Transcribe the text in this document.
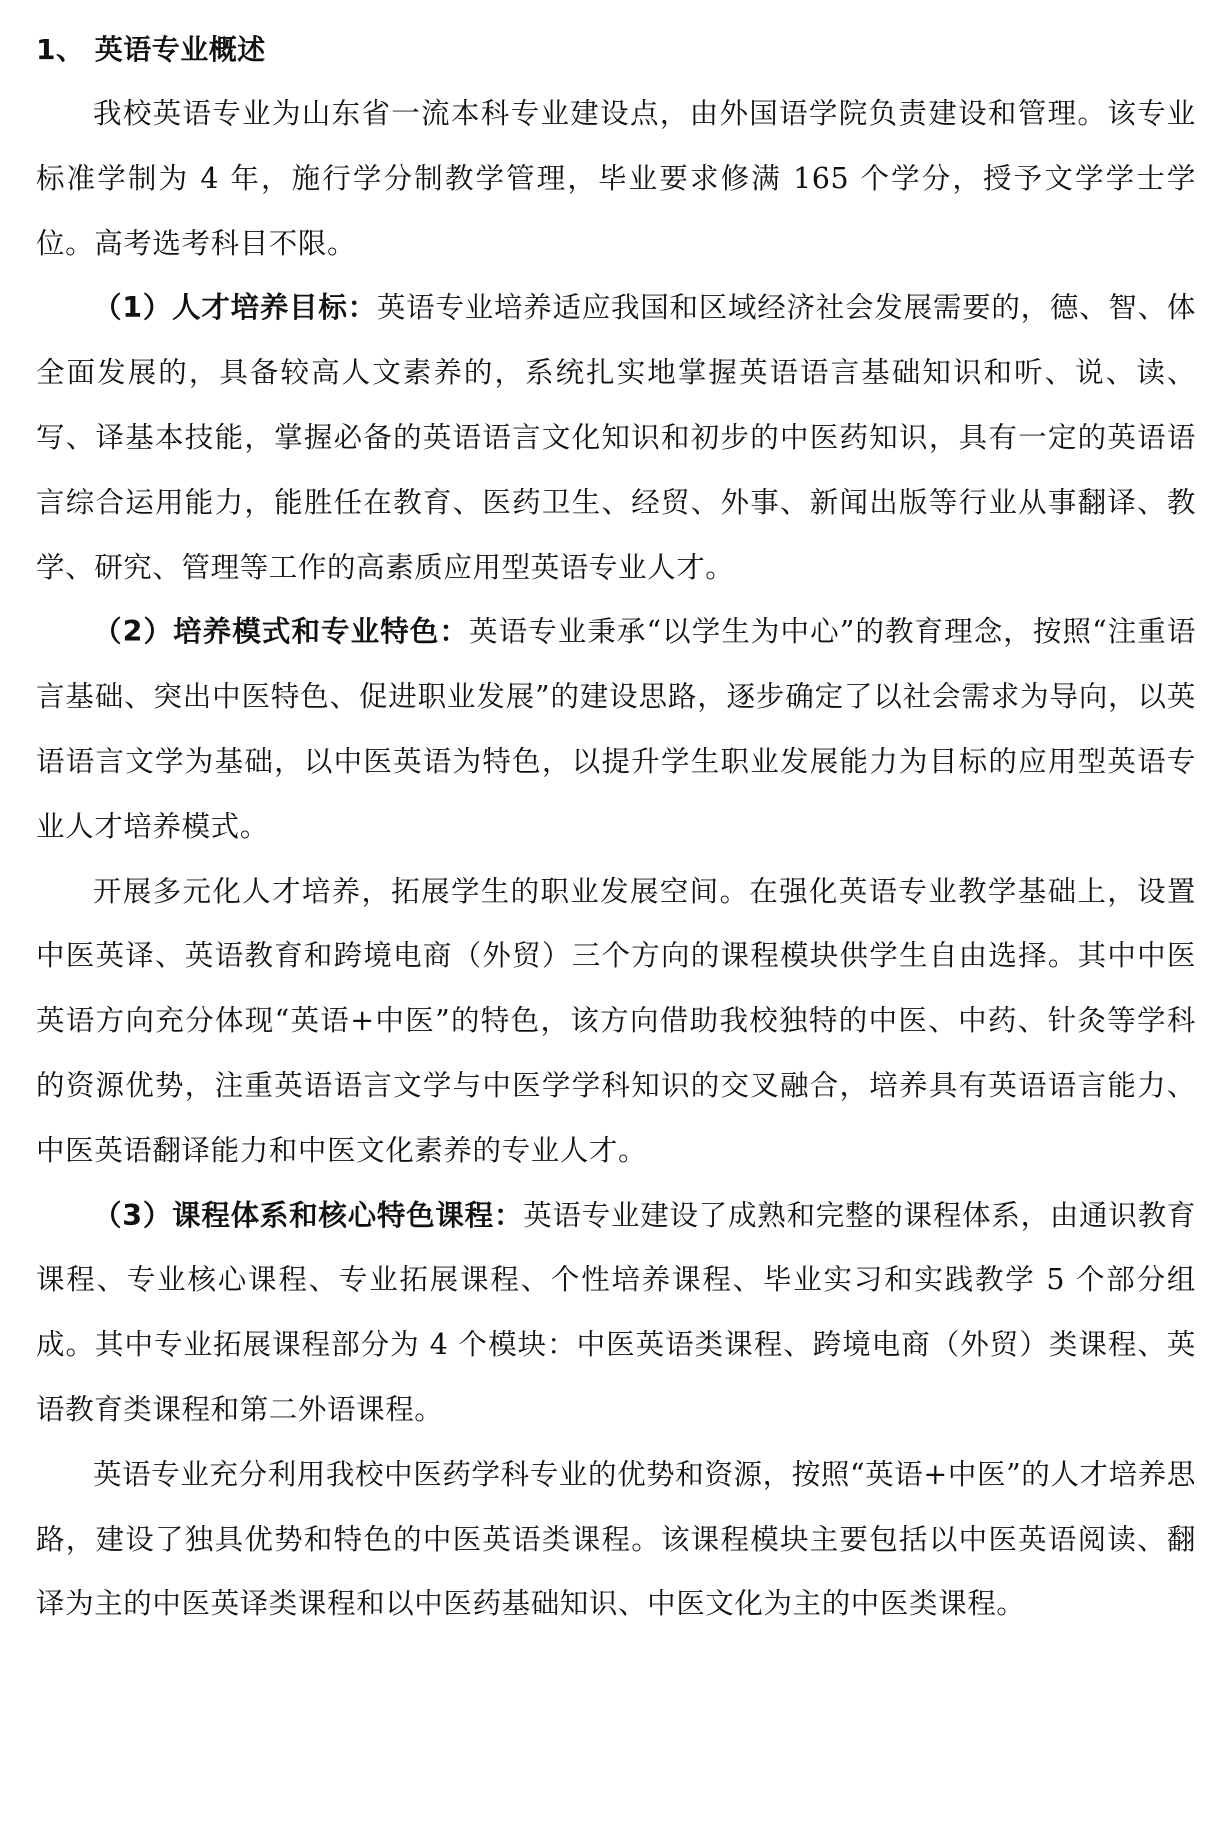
1、 英语专业概述

我校英语专业为山东省一流本科专业建设点，由外国语学院负责建设和管理。该专业标准学制为 4 年，施行学分制教学管理，毕业要求修满 165 个学分，授予文学学士学位。高考选考科目不限。

（1）人才培养目标：英语专业培养适应我国和区域经济社会发展需要的，德、智、体全面发展的，具备较高人文素养的，系统扎实地掌握英语语言基础知识和听、说、读、写、译基本技能，掌握必备的英语语言文化知识和初步的中医药知识，具有一定的英语语言综合运用能力，能胜任在教育、医药卫生、经贸、外事、新闻出版等行业从事翻译、教学、研究、管理等工作的高素质应用型英语专业人才。

（2）培养模式和专业特色：英语专业秉承“以学生为中心”的教育理念，按照“注重语言基础、突出中医特色、促进职业发展”的建设思路，逐步确定了以社会需求为导向，以英语语言文学为基础，以中医英语为特色，以提升学生职业发展能力为目标的应用型英语专业人才培养模式。

开展多元化人才培养，拓展学生的职业发展空间。在强化英语专业教学基础上，设置中医英译、英语教育和跨境电商（外贸）三个方向的课程模块供学生自由选择。其中中医英语方向充分体现“英语+中医”的特色，该方向借助我校独特的中医、中药、针灸等学科的资源优势，注重英语语言文学与中医学学科知识的交叉融合，培养具有英语语言能力、中医英语翻译能力和中医文化素养的专业人才。

（3）课程体系和核心特色课程：英语专业建设了成熟和完整的课程体系，由通识教育课程、专业核心课程、专业拓展课程、个性培养课程、毕业实习和实践教学 5 个部分组成。其中专业拓展课程部分为 4 个模块：中医英语类课程、跨境电商（外贸）类课程、英语教育类课程和第二外语课程。

英语专业充分利用我校中医药学科专业的优势和资源，按照“英语+中医”的人才培养思路，建设了独具优势和特色的中医英语类课程。该课程模块主要包括以中医英语阅读、翻译为主的中医英译类课程和以中医药基础知识、中医文化为主的中医类课程。
